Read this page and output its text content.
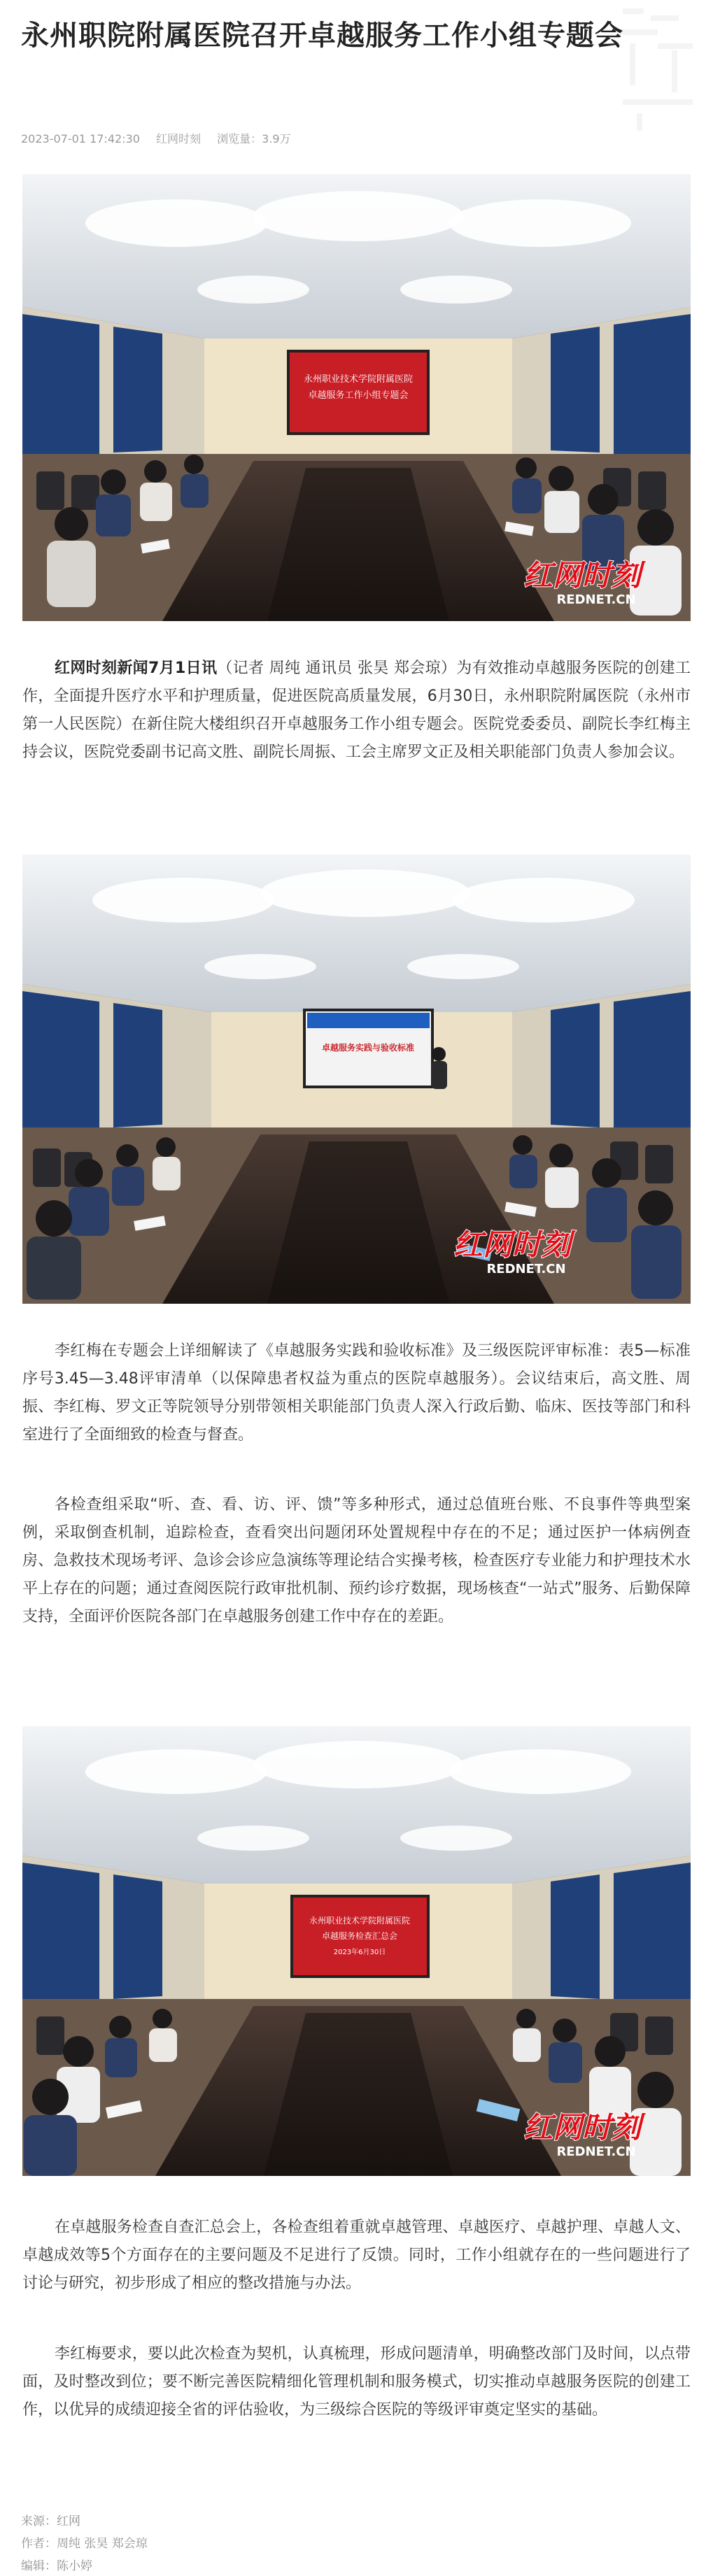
永州职院附属医院召开卓越服务工作小组专题会
2023-07-01 17:42:30 红网时刻 浏览量：3.9万
永州职业技术学院附属医院
卓越服务工作小组专题会
红网时刻
REDNET.CN

红网时刻新闻7月1日讯（记者 周纯 通讯员 张昊 郑会琼）为有效推动卓越服务医院的创建工作，全面提升医疗水平和护理质量，促进医院高质量发展，6月30日，永州职院附属医院（永州市第一人民医院）在新住院大楼组织召开卓越服务工作小组专题会。医院党委委员、副院长李红梅主持会议，医院党委副书记高文胜、副院长周振、工会主席罗文正及相关职能部门负责人参加会议。

卓越服务实践与验收标准
红网时刻
REDNET.CN

李红梅在专题会上详细解读了《卓越服务实践和验收标准》及三级医院评审标准：表5—标准序号3.45—3.48评审清单（以保障患者权益为重点的医院卓越服务）。会议结束后，高文胜、周振、李红梅、罗文正等院领导分别带领相关职能部门负责人深入行政后勤、临床、医技等部门和科室进行了全面细致的检查与督查。

各检查组采取“听、查、看、访、评、馈”等多种形式，通过总值班台账、不良事件等典型案例，采取倒查机制，追踪检查，查看突出问题闭环处置规程中存在的不足；通过医护一体病例查房、急救技术现场考评、急诊会诊应急演练等理论结合实操考核，检查医疗专业能力和护理技术水平上存在的问题；通过查阅医院行政审批机制、预约诊疗数据，现场核查“一站式”服务、后勤保障支持，全面评价医院各部门在卓越服务创建工作中存在的差距。

永州职业技术学院附属医院
卓越服务检查汇总会
2023年6月30日
红网时刻
REDNET.CN

在卓越服务检查自查汇总会上，各检查组着重就卓越管理、卓越医疗、卓越护理、卓越人文、卓越成效等5个方面存在的主要问题及不足进行了反馈。同时，工作小组就存在的一些问题进行了讨论与研究，初步形成了相应的整改措施与办法。

李红梅要求，要以此次检查为契机，认真梳理，形成问题清单，明确整改部门及时间，以点带面，及时整改到位；要不断完善医院精细化管理机制和服务模式，切实推动卓越服务医院的创建工作，以优异的成绩迎接全省的评估验收，为三级综合医院的等级评审奠定坚实的基础。

来源：红网
作者：周纯 张昊 郑会琼
编辑：陈小婷
